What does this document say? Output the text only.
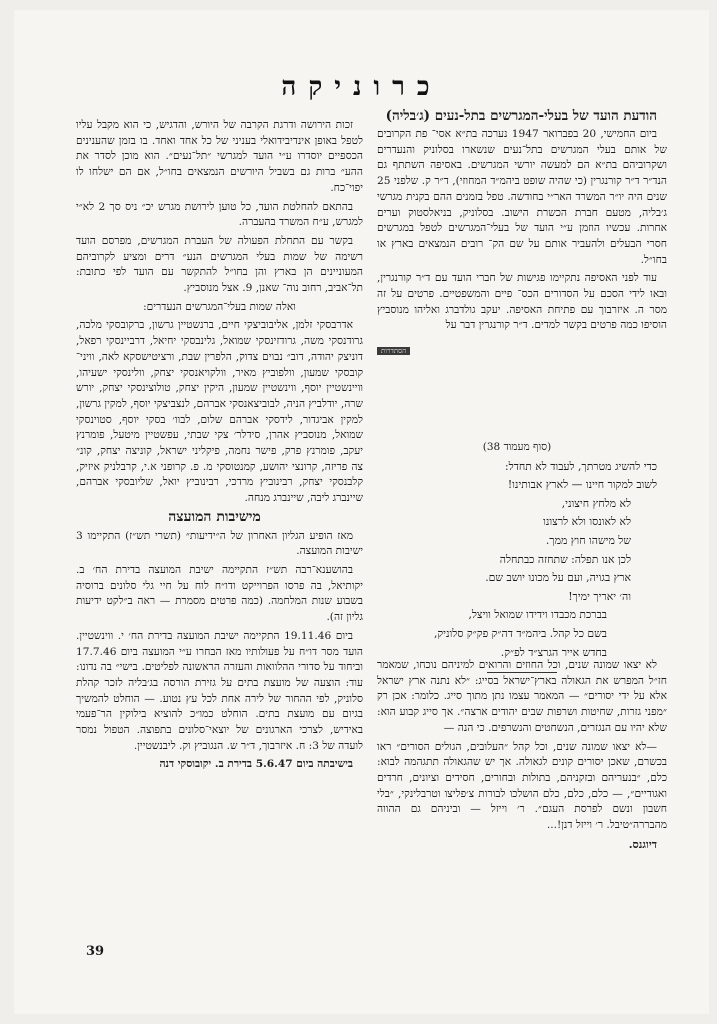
כרוניקה

הודעת הועד של בעלי-המגרשים בתל-נעים (ג׳בליה)

ביום החמישי, 20 בפברואר 1947 נערכה בת״א אסי־ פת הקרובים של אותם בעלי המגרשים בתל־נעים שנשארו בסלוניק והנעדרים ושקרוביהם בת״א הם למעשה יורשי המגרשים. באסיפה השתתף גם הנד״ר ד״ר קורנגרין (כי שהיה שופט ביהמ״ד המחוזי), ד״ר ק. שלפני 25 שנים היה יו״ר המשרד האר״י בחודשה. טפל בזמנים ההם בקנית מגרשי ג׳בליה, מטעם חברת הכשרת הישוב. בסלוניק, בניאלסטוק וערים אחרות. עכשיו הוזמן ע״י הועד של בעלי־המגרשים לטפל במגרשים חסרי הבעלים ולהעביר אותם על שם הק־ רובים הנמצאים בארץ או בחו״ל.

עוד לפני האסיפה נתקיימו פגישות של חברי הועד עם ד״ר קורנגרין, ובאו לידי הסכם על הסדורים הכס־ פיים והמשפטיים. פרטים על זה מסר ה. איזרבוך עם פתיחת האסיפה. יעקב גולדברג ואליהו מנוסביץ הוסיפו כמה פרטים בקשר למדים. ד״ר קורנגרין דבר על

הסתדרות

(סוף מעמוד 38)

כדי להשיג מטרתך, לעבוד לא תחדל:

לשוב למקור חיינו — לארץ אבותינו!

לא מלחץ חיצוני,

לא לאונסו ולא לרצונו

של מישהו חוץ ממך.

לכן אנו תפלה: שתחזה כבתחלה

ארץ בגויה, ועם על מכונו יושב שם.

וה׳ יאריך ימיך!

בברכת מכבדו וידידו שמואל וויצל,

בשם כל קהל. ביהמ״ד דה״ק פק״ק סלוניק,

בחדש אייר הגרצ״ד לפ״ק.

לא יצאו שמונה שנים, וכל החוזים והרואים למיניהם נוכחו, שמאמר חז״ל המפרש את הגאולה בארץ־ישראל בסייג: ״לא נתנה ארץ ישראל אלא על ידי יסורים״ — המאמר עצמו נתן מתוך סייג. כלומר: אכן רק ״מפני גזרות, שחיטות ושרפות שבים יהודים ארצה״. אך סייג קבוע הוא: שלא יהיו עם הנגזרים, הנשחטים והנשרפים. כי הנה —

—לא יצאו שמונה שנים, וכל קהל ״העלובים, הגולים הסורים״ ראו בכשרם, שאכן יסורים קונים לגאולה. אך יש שהגאולה תתגהמה לבוא: כלם, ״בנעריהם ובזקניהם, בתולות ובחורים, חסידים וציונים, חרדים ואגודיים״, — כלם, כלם, כלם הושלכו לבורות צ׳פליצו וטרבלינקי, ״בלי חשבון ונשם לפרסת העגם״. ר׳ וייזל — וביניהם גם ההווה מהבררה״טיבל. ר׳ וייזל דנן!...

דיוגנס.

זכות הירושה ודרגת הקרבה של היורש, והדגיש, כי הוא מקבל עליו לטפל באופן אינדיבידואלי בעניני של כל אחד ואחד. בו בזמן שהענינים הכספיים יוסדרו ע״י הועד למגרשי ״תל־נעים״. הוא מוכן לסדר את ההע״ ברות גם בשביל היורשים הנמצאים בחו״ל, אם הם ישלחו לו יפוי־כח.

בהתאם להחלטת הועד, כל טוען לירושת מגרש יכ״ ניס סך 2 לא״י למגרש, ע״ח המשרד בהעברה.

בקשר עם התחלת הפעולה של העברת המגרשים, מפרסם הועד רשימה של שמות בעלי המגרשים הנע״ דרים ומציע לקרוביהם המעוניינים הן בארץ והן בחו״ל להתקשר עם הועד לפי כתובת: תל־אביב, רחוב נוה־ שאנן, 9. אצל מנוסביץ.

ואלה שמות בעלי־המגרשים הנעדרים:

אדרבסקי זלמן, אליבוביצקי חיים, ברנשטיין גרשון, ברקובסקי מלכה, גרודנסקי משה, גרודזינסקי שמואל, גלינבסקי יחיאל, דרביינסקי רפאל, דוניצק יהודה, דוב״ נבוים צדוק, הלפרין שבת, ורציטישסקא לאה, וויני־ קובסקי שמעון, וולפוביץ מאיר, וולקויאנסקי יצחק, וולינסקי ישעיהו, וויינשטיין יוסף, ווינשטיין שמעון, היקין יצחק, טולוצינסקי יצחק, יורש שרה, יודלביץ הניה, לבוביצאנסקי אברהם, לנצביצקי יוסף, למקין גרשון, למקין אביגדור, לידסקי אברהם שלום, לבוו׳ בסקי יוסף, סטוינסקי שמואל, מנוסביץ אהרן, סידלר׳ צקי שבתי, עפשטיין מיטעל, פומרנץ יעקב, פומרנץ פרק, פישר נחמה, פיקליני ישראל, קוניצה יצחק, קונ״ צה פריזה, קרונצי יהושע, קמנטוסקי מ. פ. קרופני א.י, קרבלניק איזיק, קלבנסקי יצחק, רבינוביץ מרדכי, רבינוביץ יואל, שליובסקי אברהם, שיינברג ליבה, שיינברג מנחה.

מישיבות המועצה

מאז הופיע הגליון האחרון של ה״ידיעות״ (תשרי תש״ז) התקיימו 3 ישיבות המועצה.

בהושענא־רבה תש״ז התקיימה ישיבת המועצה בדירת הח׳ ב. יקותיאל, בה פרסו הפרוייקט ודו״ח לוח על חיי גלי סלונים ברוסיה בשבוע שנות המלחמה. (כמה פרטים מסמרת — ראה ב״לקט ידיעות גליון זה).

ביום 19.11.46 התקיימה ישיבת המועצה בדירת הח׳ י. ווינשטיין. הועד מסר דו״ח על פעולותיו מאז הבחרו ע״י המועצה ביום 17.7.46 וביחוד על סדורי ההלוואות והעזרה הראשונה לפליטים. בישי״ בה נדונו: עוד: הוצעה של מועצת בתים על גזירת הורסה בג׳בליה לזכר קהלת סלוניק, לפי ההחור של לירה אחת לכל עץ נטוע. — הוחלט להמשיך בגיום עם מועצת בתים. הוחלט כמו״כ להוציא בילוקין הר־פעמי באידיש, לצרכי הארגונים של יוצאי־סלונים בתפוצה. הטפול נמסר לועדה של 3: ח. איזרבוך, ד״ר ש. הנגוביץ וק. ליבנשטיין.

בישיבתה ביום 5.6.47 בדירת ב. יקובוסקי דנה

39
